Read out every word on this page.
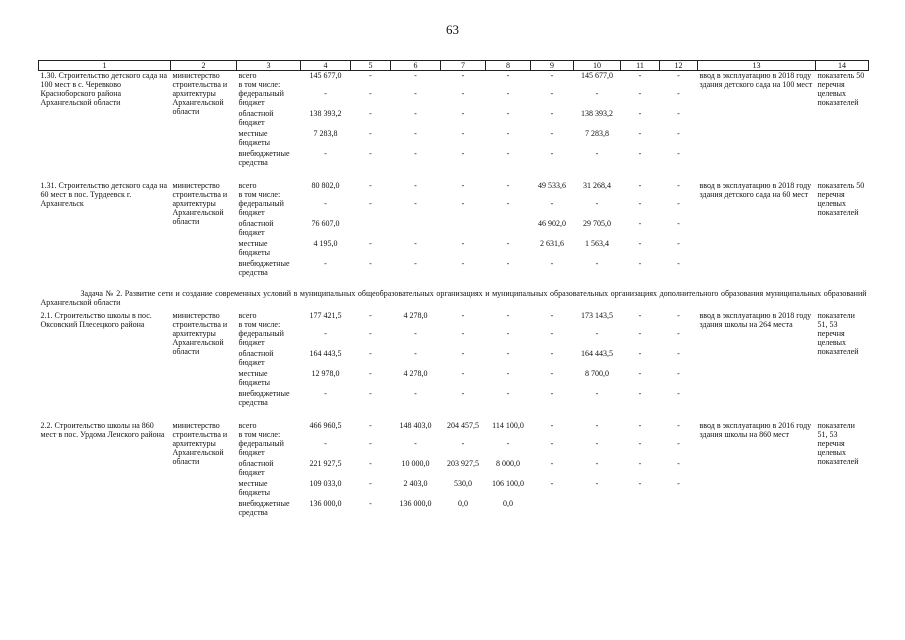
63
1	2	3	4	5	6	7	8	9	10	11	12	13	14
1.30. Строительство детского сада на 100 мест в с. Черевково Красноборского района Архангельской области	министерство строительства и архитектуры Архангельской области	всего	145 677,0	-	-	-	-	-	145 677,0	-	-	ввод в эксплуатацию в 2018 году здания детского сада на 100 мест	показатель 50 перечня целевых показателей
		в том числе:											
		федеральный бюджет	-	-	-	-	-	-	-	-	-		
		областной бюджет	138 393,2	-	-	-	-	-	138 393,2	-	-		
		местные бюджеты	7 283,8	-	-	-	-	-	7 283,8	-	-		
		внебюджетные средства	-	-	-	-	-	-	-	-	-		

1.31. Строительство детского сада на 60 мест в пос. Турдеевск г. Архангельск	министерство строительства и архитектуры Архангельской области	всего	80 802,0	-	-	-	-	49 533,6	31 268,4	-	-	ввод в эксплуатацию в 2018 году здания детского сада на 60 мест	показатель 50 перечня целевых показателей
		в том числе:											
		федеральный бюджет	-	-	-	-	-	-	-	-	-		
		областной бюджет	76 607,0					46 902,0	29 705,0	-	-		
		местные бюджеты	4 195,0	-	-	-	-	2 631,6	1 563,4	-	-		
		внебюджетные средства	-	-	-	-	-	-	-	-	-		
Задача № 2. Развитие сети и создание современных условий в муниципальных общеобразовательных организациях и муниципальных образовательных организациях дополнительного образования муниципальных образований Архангельской области													
2.1. Строительство школы в пос. Оксовский Плесецкого района	министерство строительства и архитектуры Архангельской области	всего	177 421,5	-	4 278,0	-	-	-	173 143,5	-	-	ввод в эксплуатацию в 2018 году здания школы на 264 места	показатели 51, 53 перечня целевых показателей
		в том числе:											
		федеральный бюджет	-	-	-	-	-	-	-	-	-		
		областной бюджет	164 443,5	-	-	-	-	-	164 443,5	-	-		
		местные бюджеты	12 978,0	-	4 278,0	-	-	-	8 700,0	-	-		
		внебюджетные средства	-	-	-	-	-	-	-	-	-		

2.2. Строительство школы на 860 мест в пос. Урдома Ленского района	министерство строительства и архитектуры Архангельской области	всего	466 960,5	-	148 403,0	204 457,5	114 100,0	-	-	-	-	ввод в эксплуатацию в 2016 году здания школы на 860 мест	показатели 51, 53 перечня целевых показателей
		в том числе:											
		федеральный бюджет	-	-	-	-	-	-	-	-	-		
		областной бюджет	221 927,5	-	10 000,0	203 927,5	8 000,0	-	-	-	-		
		местные бюджеты	109 033,0	-	2 403,0	530,0	106 100,0	-	-	-	-		
		внебюджетные средства	136 000,0	-	136 000,0	0,0	0,0						
